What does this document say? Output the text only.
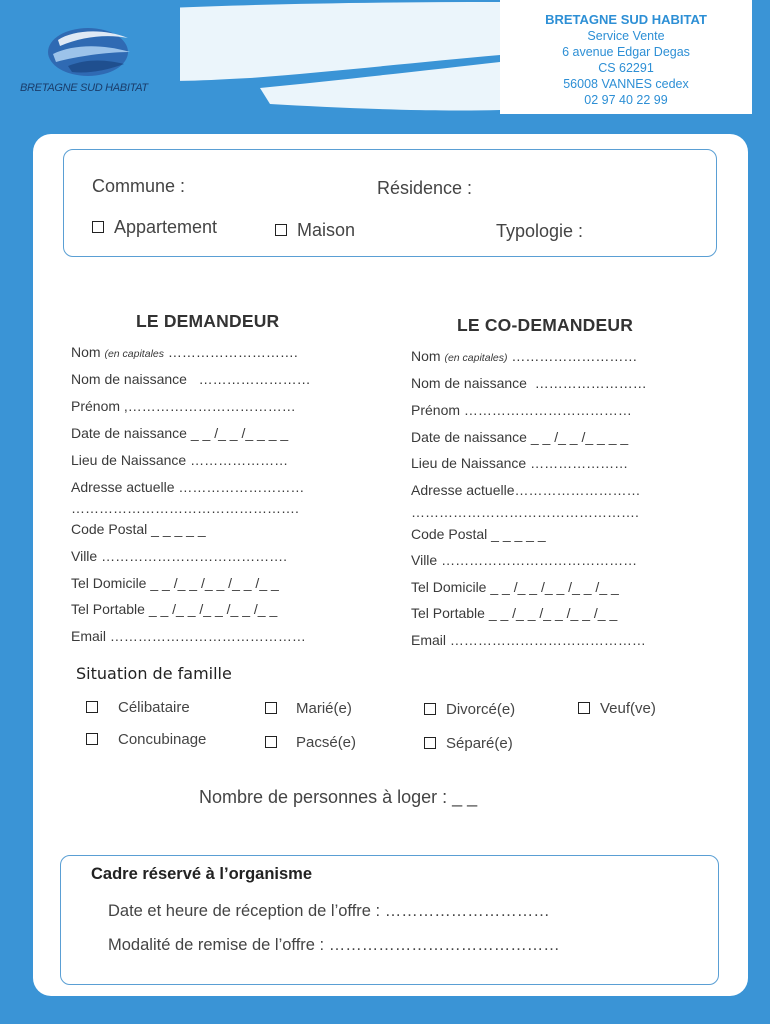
BRETAGNE SUD HABITAT
BRETAGNE SUD HABITAT
Service Vente
6 avenue Edgar Degas
CS 62291
56008 VANNES cedex
02 97 40 22 99
Commune :	Résidence :
Appartement	Maison	Typologie :
LE DEMANDEUR
Nom (en capitales ……………………….
Nom de naissance ……………………
Prénom ,………………………………
Date de naissance _ _ /_ _ /_ _ _ _
Lieu de Naissance …………………
Adresse actuelle ………………………
………………………………………….
Code Postal _ _ _ _ _
Ville ………………………………….
Tel Domicile _ _ /_ _ /_ _ /_ _ /_ _
Tel Portable _ _ /_ _ /_ _ /_ _ /_ _
Email ……………………………………
LE CO-DEMANDEUR
Nom (en capitales) ………………………
Nom de naissance ……………………
Prénom ………………………………
Date de naissance _ _ /_ _ /_ _ _ _
Lieu de Naissance …………………
Adresse actuelle………………………
………………………………………….
Code Postal _ _ _ _ _
Ville ……………………………………
Tel Domicile _ _ /_ _ /_ _ /_ _ /_ _
Tel Portable _ _ /_ _ /_ _ /_ _ /_ _
Email ……………………………………
Situation de famille
Célibataire	Marié(e)	Divorcé(e)	Veuf(ve)
Concubinage	Pacsé(e)	Séparé(e)
Nombre de personnes à loger : _ _
Cadre réservé à l’organisme
Date et heure de réception de l’offre : …………………………
Modalité de remise de l’offre : ……………………………………
